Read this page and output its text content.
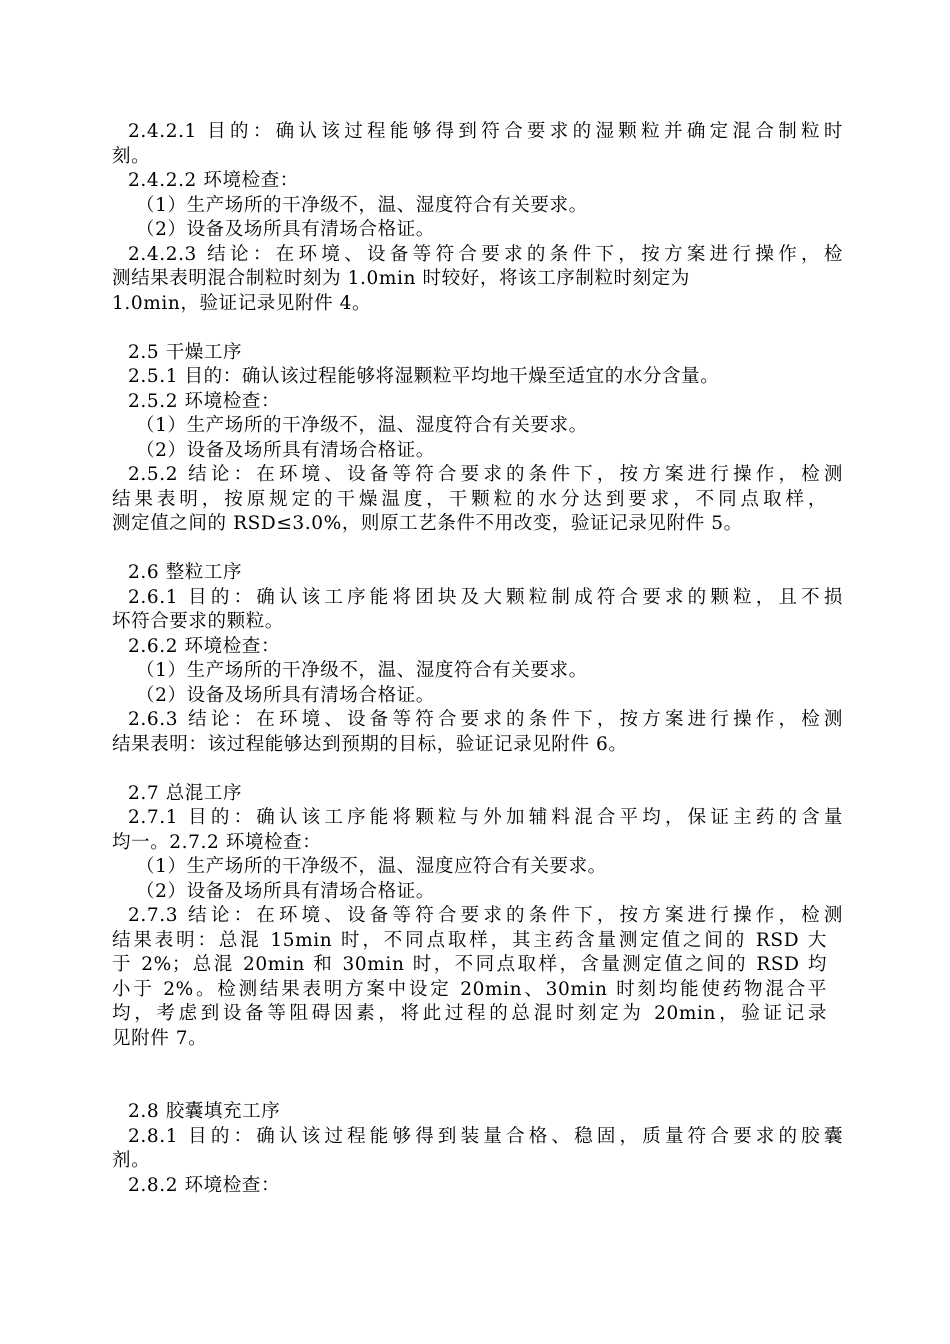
2.4.2.1 目的：确认该过程能够得到符合要求的湿颗粒并确定混合制粒时
刻。
2.4.2.2 环境检查：
（1）生产场所的干净级不，温、湿度符合有关要求。
（2）设备及场所具有清场合格证。
2.4.2.3 结论：在环境、设备等符合要求的条件下，按方案进行操作，检
测结果表明混合制粒时刻为 1.0min 时较好，将该工序制粒时刻定为
1.0min，验证记录见附件 4。
2.5 干燥工序
2.5.1 目的：确认该过程能够将湿颗粒平均地干燥至适宜的水分含量。
2.5.2 环境检查：
（1）生产场所的干净级不，温、湿度符合有关要求。
（2）设备及场所具有清场合格证。
2.5.2 结论：在环境、设备等符合要求的条件下，按方案进行操作，检测
结果表明，按原规定的干燥温度，干颗粒的水分达到要求，不同点取样，
测定值之间的 RSD≤3.0%，则原工艺条件不用改变，验证记录见附件 5。
2.6 整粒工序
2.6.1 目的：确认该工序能将团块及大颗粒制成符合要求的颗粒，且不损
坏符合要求的颗粒。
2.6.2 环境检查：
（1）生产场所的干净级不，温、湿度符合有关要求。
（2）设备及场所具有清场合格证。
2.6.3 结论：在环境、设备等符合要求的条件下，按方案进行操作，检测
结果表明：该过程能够达到预期的目标，验证记录见附件 6。
2.7 总混工序
2.7.1 目的：确认该工序能将颗粒与外加辅料混合平均，保证主药的含量
均一。2.7.2 环境检查：
（1）生产场所的干净级不，温、湿度应符合有关要求。
（2）设备及场所具有清场合格证。
2.7.3 结论：在环境、设备等符合要求的条件下，按方案进行操作，检测
结果表明：总混 15min 时，不同点取样，其主药含量测定值之间的 RSD 大
于 2%；总混 20min 和 30min 时，不同点取样，含量测定值之间的 RSD 均
小于 2%。检测结果表明方案中设定 20min、30min 时刻均能使药物混合平
均，考虑到设备等阻碍因素，将此过程的总混时刻定为 20min，验证记录
见附件 7。
2.8 胶囊填充工序
2.8.1 目的：确认该过程能够得到装量合格、稳固，质量符合要求的胶囊
剂。
2.8.2 环境检查：
